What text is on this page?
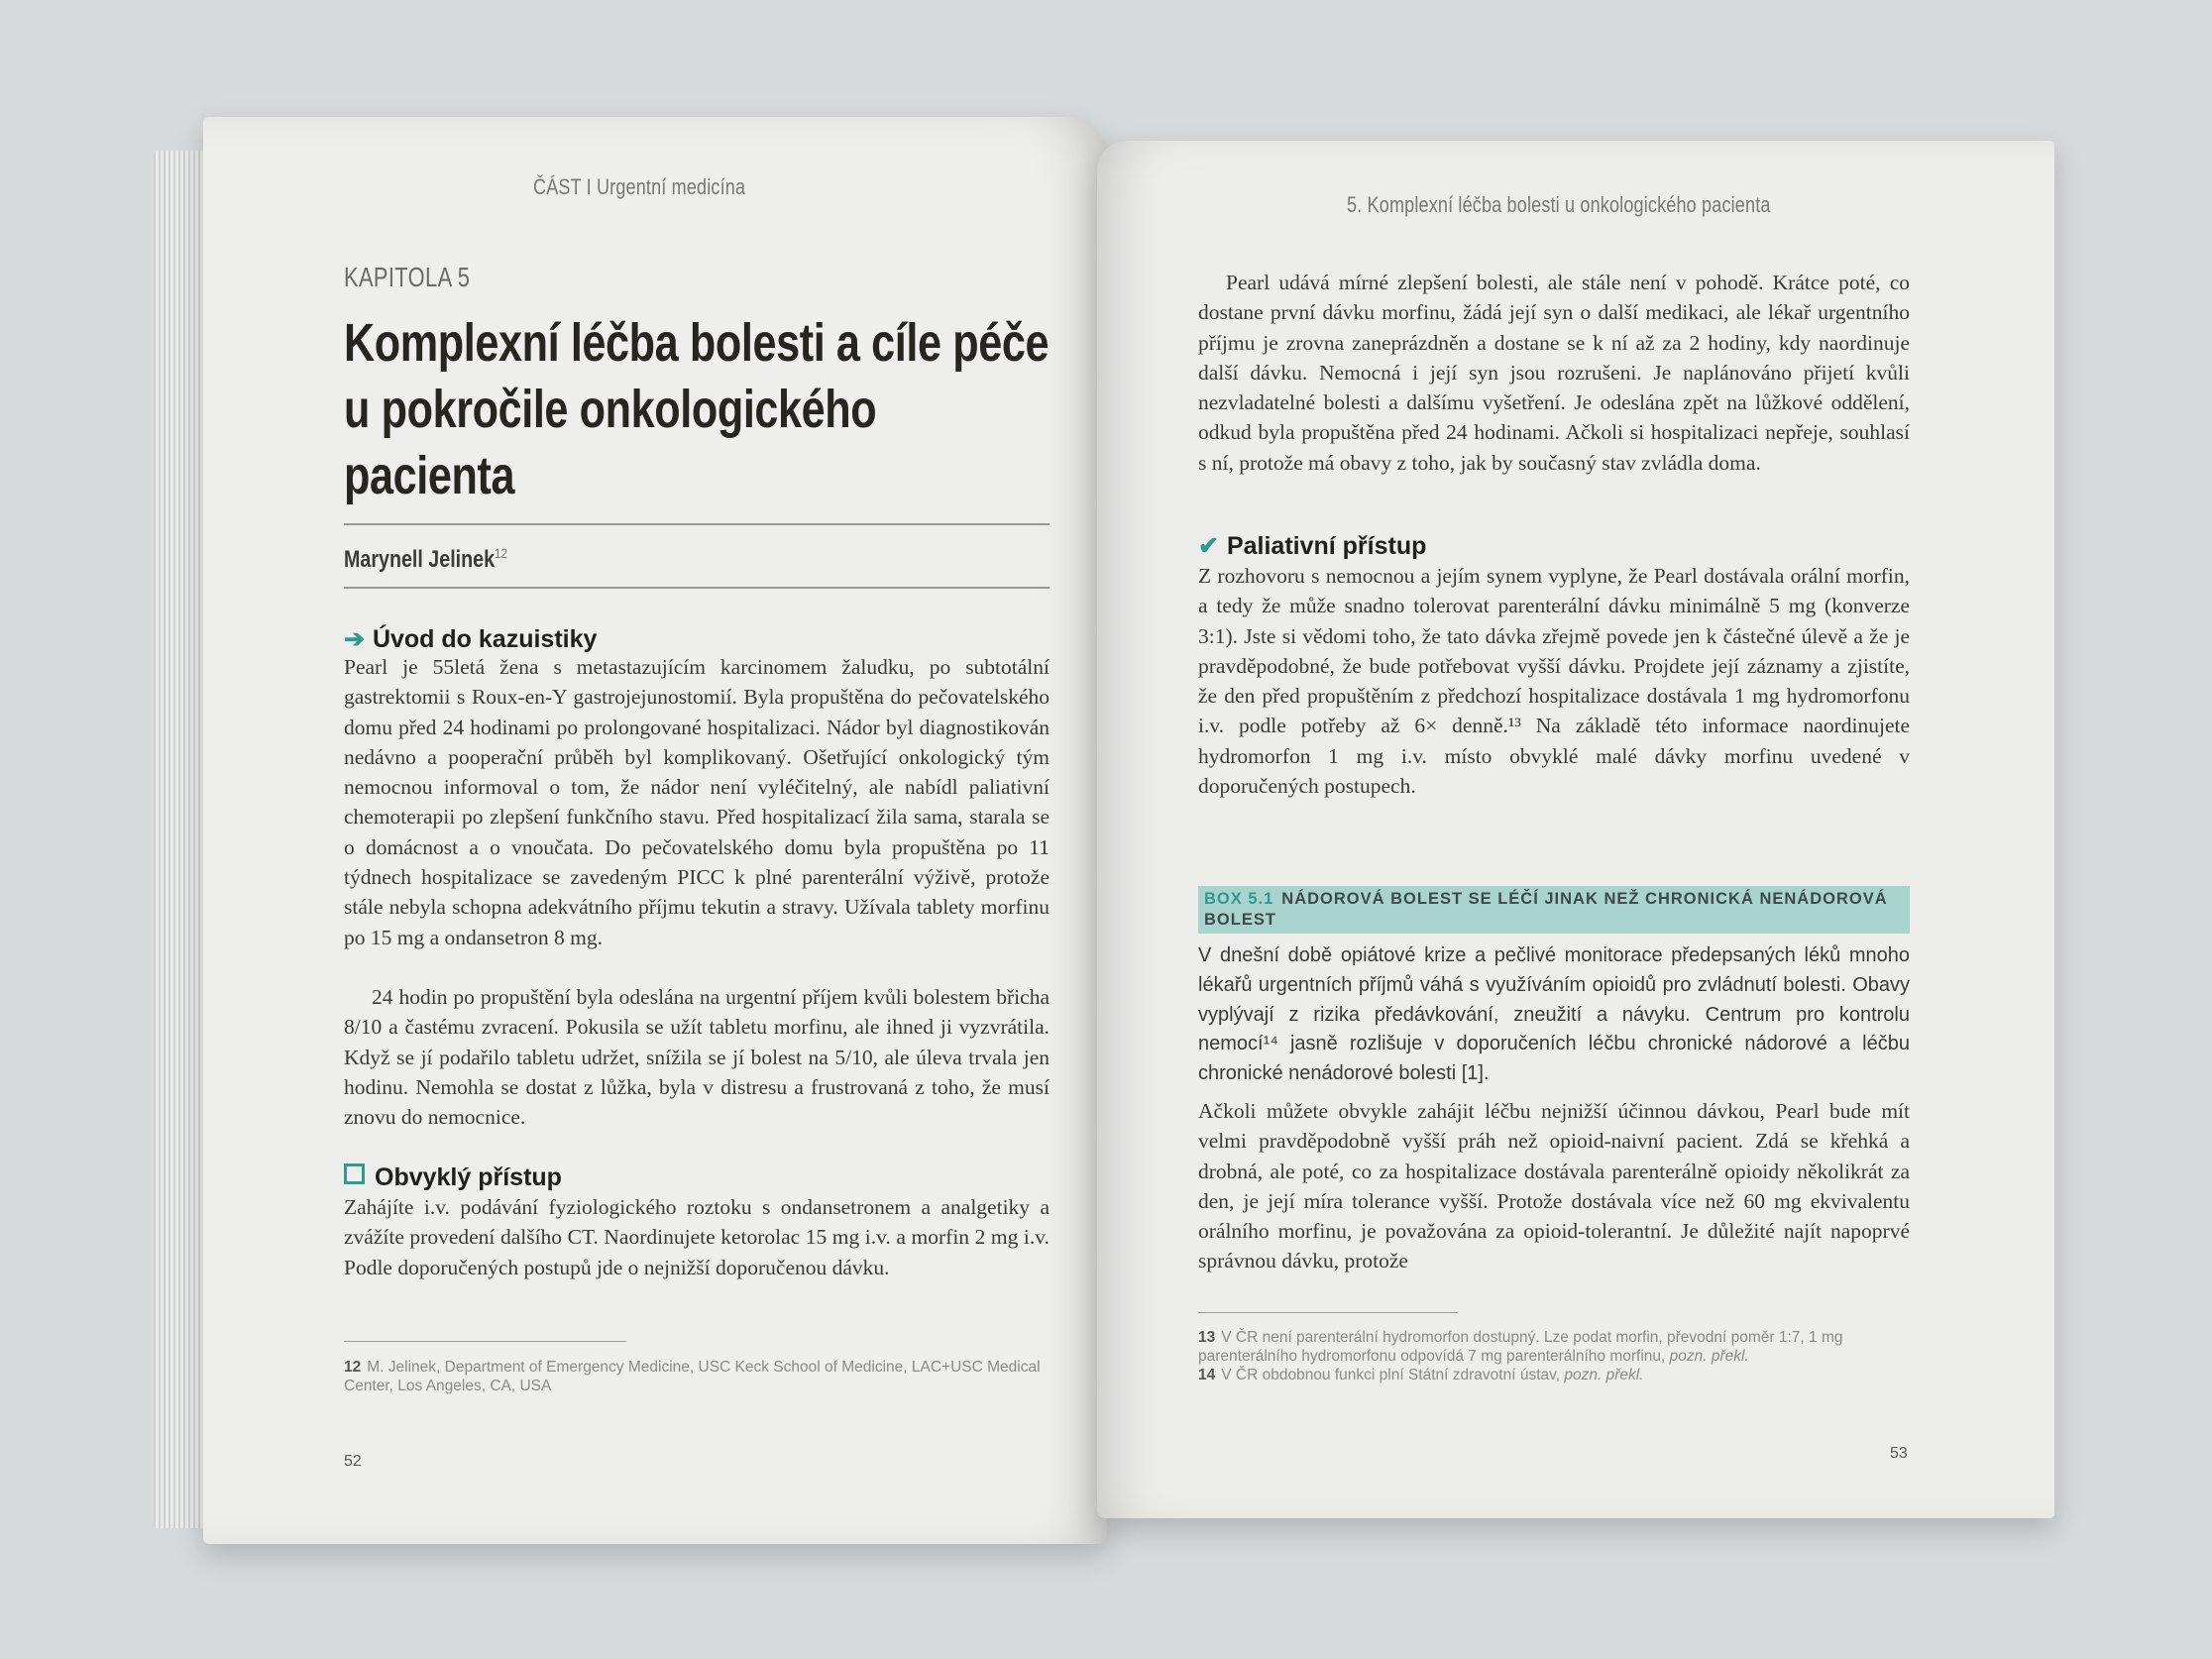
ČÁST I Urgentní medicína
KAPITOLA 5
Komplexní léčba bolesti a cíle péče u pokročile onkologického pacienta
Marynell Jelinek$^{12}$
➔ Úvod do kazuistiky

Pearl je 55letá žena s metastazujícím karcinomem žaludku, po subtotální gastrektomii s Roux-en-Y gastrojejunostomií. Byla propuštěna do pečovatelského domu před 24 hodinami po prolongované hospitalizaci. Nádor byl diagnostikován nedávno a pooperační průběh byl komplikovaný. Ošetřující onkologický tým nemocnou informoval o tom, že nádor není vyléčitelný, ale nabídl paliativní chemoterapii po zlepšení funkčního stavu. Před hospitalizací žila sama, starala se o domácnost a o vnoučata. Do pečovatelského domu byla propuštěna po 11 týdnech hospitalizace se zavedeným PICC k plné parenterální výživě, protože stále nebyla schopna adekvátního příjmu tekutin a stravy. Užívala tablety morfinu po 15 mg a ondansetron 8 mg.

24 hodin po propuštění byla odeslána na urgentní příjem kvůli bolestem břicha 8/10 a častému zvracení. Pokusila se užít tabletu morfinu, ale ihned ji vyzvrátila. Když se jí podařilo tabletu udržet, snížila se jí bolest na 5/10, ale úleva trvala jen hodinu. Nemohla se dostat z lůžka, byla v distresu a frustrovaná z toho, že musí znovu do nemocnice.

Obvyklý přístup

Zahájíte i.v. podávání fyziologického roztoku s ondansetronem a analgetiky a zvážíte provedení dalšího CT. Naordinujete ketorolac 15 mg i.v. a morfin 2 mg i.v. Podle doporučených postupů jde o nejnižší doporučenou dávku.

12 M. Jelinek, Department of Emergency Medicine, USC Keck School of Medicine, LAC+USC Medical Center, Los Angeles, CA, USA
52
5. Komplexní léčba bolesti u onkologického pacienta

Pearl udává mírné zlepšení bolesti, ale stále není v pohodě. Krátce poté, co dostane první dávku morfinu, žádá její syn o další medikaci, ale lékař urgentního příjmu je zrovna zaneprázdněn a dostane se k ní až za 2 hodiny, kdy naordinuje další dávku. Nemocná i její syn jsou rozrušeni. Je naplánováno přijetí kvůli nezvladatelné bolesti a dalšímu vyšetření. Je odeslána zpět na lůžkové oddělení, odkud byla propuštěna před 24 hodinami. Ačkoli si hospitalizaci nepřeje, souhlasí s ní, protože má obavy z toho, jak by současný stav zvládla doma.

✔ Paliativní přístup

Z rozhovoru s nemocnou a jejím synem vyplyne, že Pearl dostávala orální morfin, a tedy že může snadno tolerovat parenterální dávku minimálně 5 mg (konverze 3:1). Jste si vědomi toho, že tato dávka zřejmě povede jen k částečné úlevě a že je pravděpodobné, že bude potřebovat vyšší dávku. Projdete její záznamy a zjistíte, že den před propuštěním z předchozí hospitalizace dostávala 1 mg hydromorfonu i.v. podle potřeby až 6× denně.¹³ Na základě této informace naordinujete hydromorfon 1 mg i.v. místo obvyklé malé dávky morfinu uvedené v doporučených postupech.

BOX 5.1 NÁDOROVÁ BOLEST SE LÉČÍ JINAK NEŽ CHRONICKÁ NENÁDOROVÁ BOLEST

V dnešní době opiátové krize a pečlivé monitorace předepsaných léků mnoho lékařů urgentních příjmů váhá s využíváním opioidů pro zvládnutí bolesti. Obavy vyplývají z rizika předávkování, zneužití a návyku. Centrum pro kontrolu nemocí¹⁴ jasně rozlišuje v doporučeních léčbu chronické nádorové a léčbu chronické nenádorové bolesti [1].

Ačkoli můžete obvykle zahájit léčbu nejnižší účinnou dávkou, Pearl bude mít velmi pravděpodobně vyšší práh než opioid-naivní pacient. Zdá se křehká a drobná, ale poté, co za hospitalizace dostávala parenterálně opioidy několikrát za den, je její míra tolerance vyšší. Protože dostávala více než 60 mg ekvivalentu orálního morfinu, je považována za opioid-tolerantní. Je důležité najít napoprvé správnou dávku, protože

13 V ČR není parenterální hydromorfon dostupný. Lze podat morfin, převodní poměr 1:7, 1 mg parenterálního hydromorfonu odpovídá 7 mg parenterálního morfinu, pozn. překl.
14 V ČR obdobnou funkci plní Státní zdravotní ústav, pozn. překl.
53
